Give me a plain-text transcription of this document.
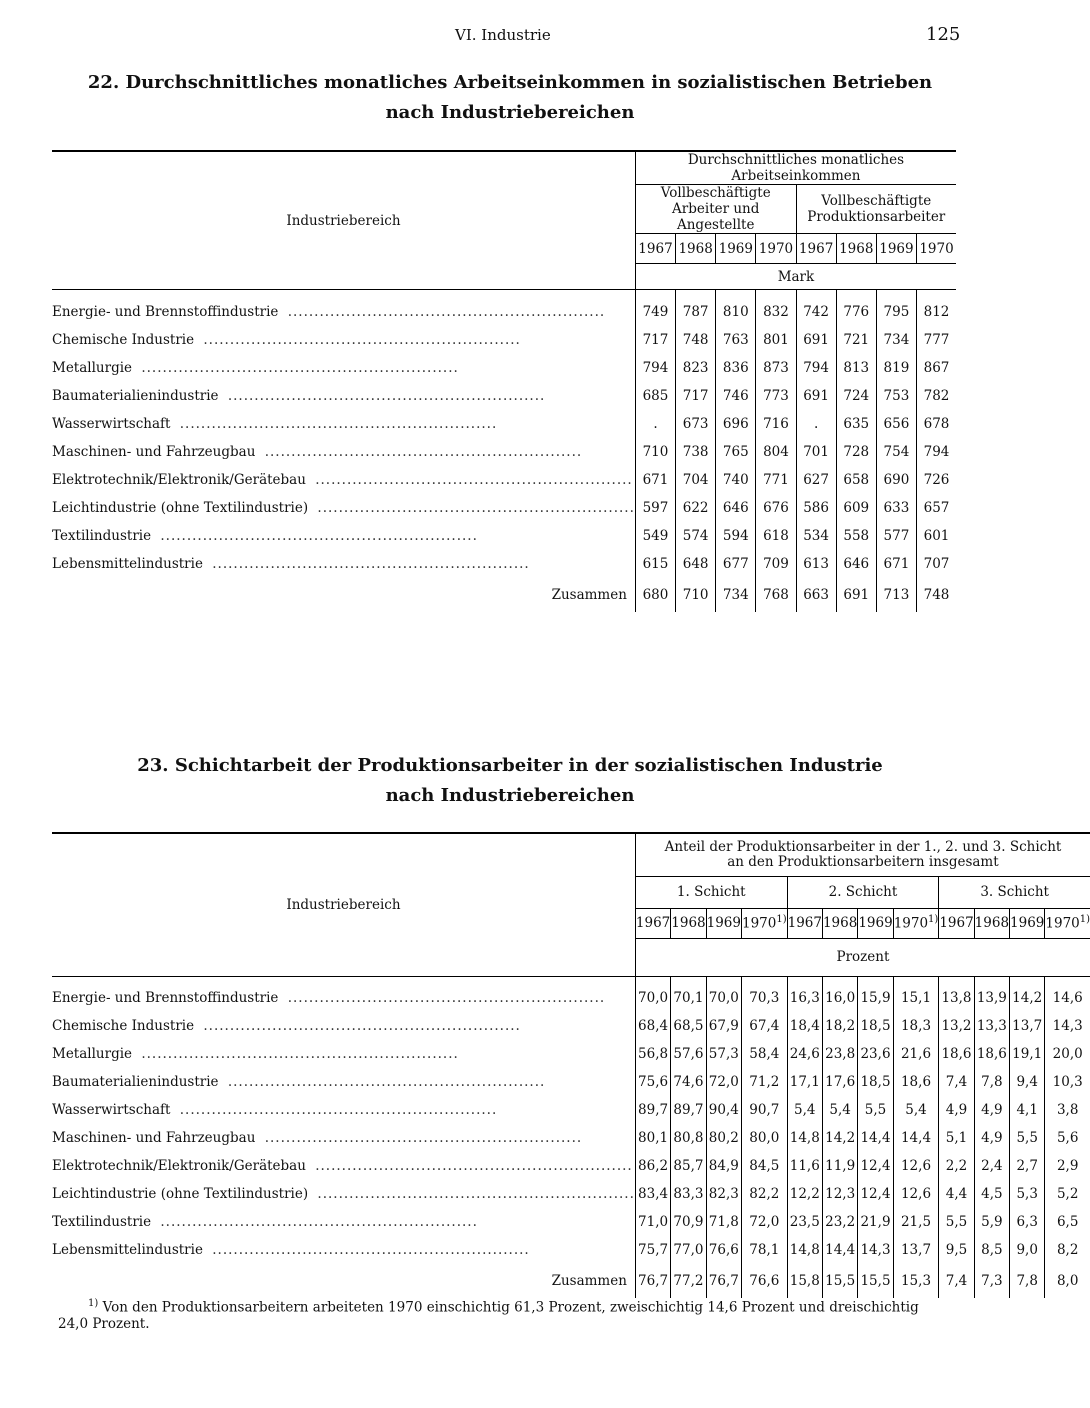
VI. Industrie	125
22. Durchschnittliches monatliches Arbeitseinkommen in sozialistischen Betrieben
nach Industriebereichen
Industriebereich	Durchschnittliches monatliches Arbeitseinkommen							
	Vollbeschäftigte Arbeiter und Angestellte				Vollbeschäftigte Produktionsarbeiter			
	1967	1968	1969	1970	1967	1968	1969	1970
	Mark							

Energie- und Brennstoffindustrie ............................................................	749	787	810	832	742	776	795	812
Chemische Industrie ............................................................	717	748	763	801	691	721	734	777
Metallurgie ............................................................	794	823	836	873	794	813	819	867
Baumaterialienindustrie ............................................................	685	717	746	773	691	724	753	782
Wasserwirtschaft ............................................................	.	673	696	716	.	635	656	678
Maschinen- und Fahrzeugbau ............................................................	710	738	765	804	701	728	754	794
Elektrotechnik/Elektronik/Gerätebau ............................................................	671	704	740	771	627	658	690	726
Leichtindustrie (ohne Textilindustrie) ............................................................	597	622	646	676	586	609	633	657
Textilindustrie ............................................................	549	574	594	618	534	558	577	601
Lebensmittelindustrie ............................................................	615	648	677	709	613	646	671	707
Zusammen	680	710	734	768	663	691	713	748
23. Schichtarbeit der Produktionsarbeiter in der sozialistischen Industrie
nach Industriebereichen
Industriebereich	Anteil der Produktionsarbeiter in der 1., 2. und 3. Schicht
an den Produktionsarbeitern insgesamt											

	1. Schicht				2. Schicht				3. Schicht			
	1967	1968	1969	1970$^{1)}$	1967	1968	1969	1970$^{1)}$	1967	1968	1969	1970$^{1)}$
	Prozent											

Energie- und Brennstoffindustrie ............................................................	70,0	70,1	70,0	70,3	16,3	16,0	15,9	15,1	13,8	13,9	14,2	14,6
Chemische Industrie ............................................................	68,4	68,5	67,9	67,4	18,4	18,2	18,5	18,3	13,2	13,3	13,7	14,3
Metallurgie ............................................................	56,8	57,6	57,3	58,4	24,6	23,8	23,6	21,6	18,6	18,6	19,1	20,0
Baumaterialienindustrie ............................................................	75,6	74,6	72,0	71,2	17,1	17,6	18,5	18,6	7,4	7,8	9,4	10,3
Wasserwirtschaft ............................................................	89,7	89,7	90,4	90,7	5,4	5,4	5,5	5,4	4,9	4,9	4,1	3,8
Maschinen- und Fahrzeugbau ............................................................	80,1	80,8	80,2	80,0	14,8	14,2	14,4	14,4	5,1	4,9	5,5	5,6
Elektrotechnik/Elektronik/Gerätebau ............................................................	86,2	85,7	84,9	84,5	11,6	11,9	12,4	12,6	2,2	2,4	2,7	2,9
Leichtindustrie (ohne Textilindustrie) ............................................................	83,4	83,3	82,3	82,2	12,2	12,3	12,4	12,6	4,4	4,5	5,3	5,2
Textilindustrie ............................................................	71,0	70,9	71,8	72,0	23,5	23,2	21,9	21,5	5,5	5,9	6,3	6,5
Lebensmittelindustrie ............................................................	75,7	77,0	76,6	78,1	14,8	14,4	14,3	13,7	9,5	8,5	9,0	8,2
Zusammen	76,7	77,2	76,7	76,6	15,8	15,5	15,5	15,3	7,4	7,3	7,8	8,0
$^{1)}$ Von den Produktionsarbeitern arbeiteten 1970 einschichtig 61,3 Prozent, zweischichtig 14,6 Prozent und dreischichtig
24,0 Prozent.
